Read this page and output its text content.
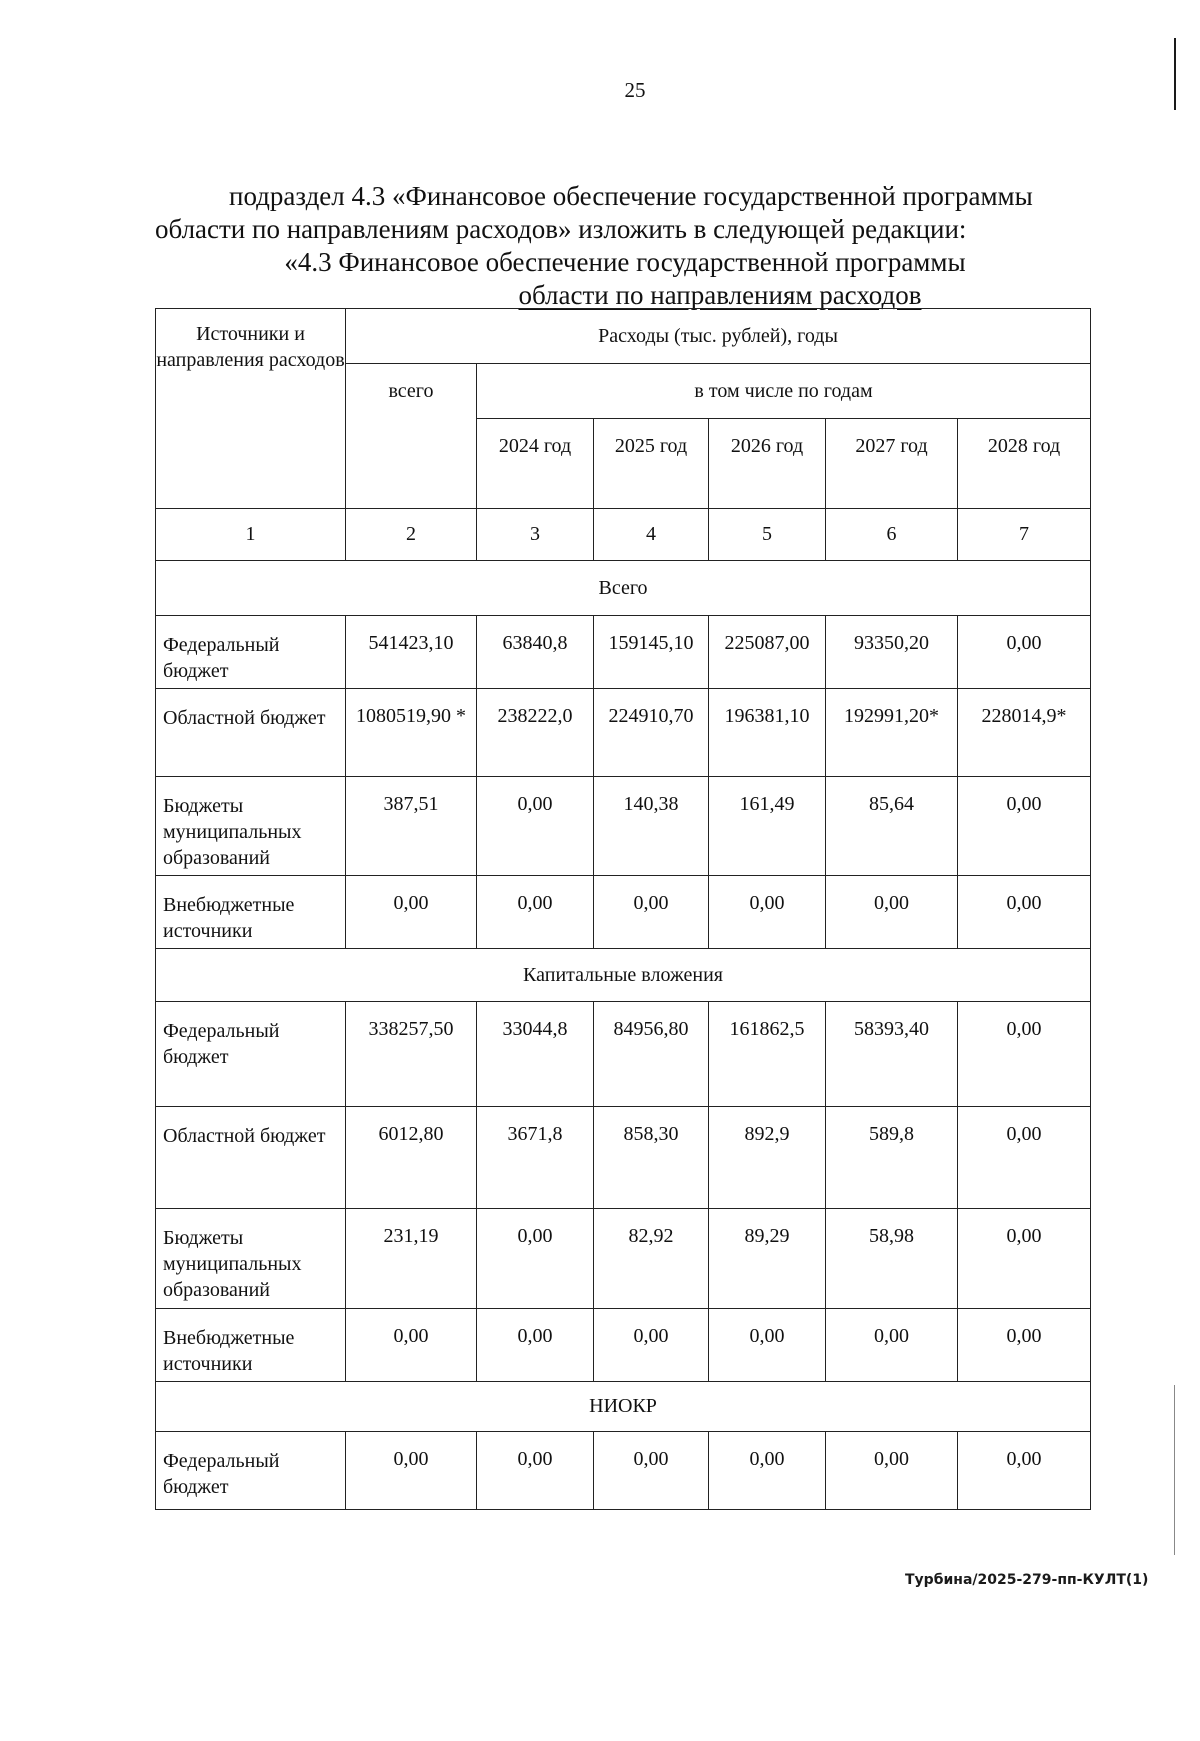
25

подраздел 4.3 «Финансовое обеспечение государственной программы области по направлениям расходов» изложить в следующей редакции:

«4.3 Финансовое обеспечение государственной программы

области по направлениям расходов

Источники и направления расходов	Расходы (тыс. рублей), годы					
	всего	в том числе по годам				
		2024 год	2025 год	2026 год	2027 год	2028 год
1	2	3	4	5	6	7
Всего						
Федеральный бюджет	541423,10	63840,8	159145,10	225087,00	93350,20	0,00
Областной бюджет	1080519,90 *	238222,0	224910,70	196381,10	192991,20*	228014,9*
Бюджеты муниципальных образований	387,51	0,00	140,38	161,49	85,64	0,00
Внебюджетные источники	0,00	0,00	0,00	0,00	0,00	0,00
Капитальные вложения						
Федеральный бюджет	338257,50	33044,8	84956,80	161862,5	58393,40	0,00
Областной бюджет	6012,80	3671,8	858,30	892,9	589,8	0,00
Бюджеты муниципальных образований	231,19	0,00	82,92	89,29	58,98	0,00
Внебюджетные источники	0,00	0,00	0,00	0,00	0,00	0,00
НИОКР						
Федеральный бюджет	0,00	0,00	0,00	0,00	0,00	0,00
Турбина/2025-279-пп-КУЛТ(1)
